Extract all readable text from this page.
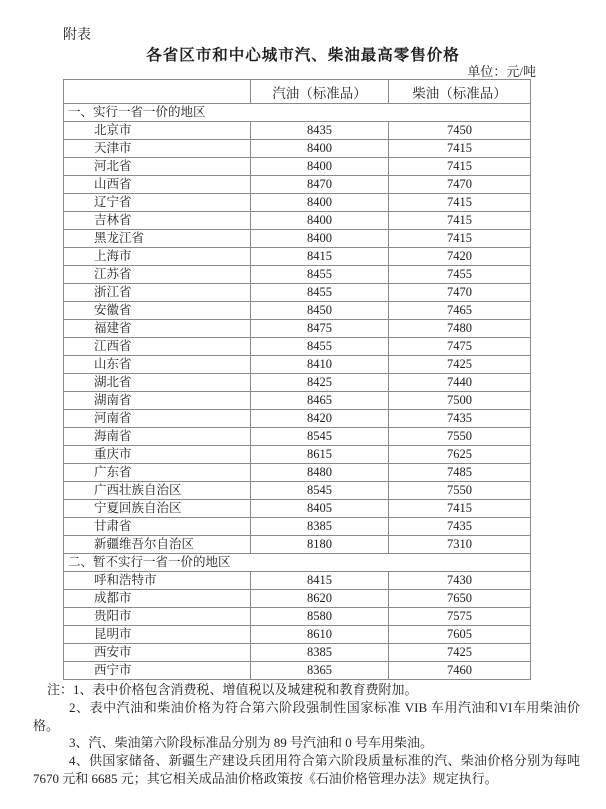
附表
各省区市和中心城市汽、柴油最高零售价格
单位：元/吨
	汽油（标准品）	柴油（标准品）
一、实行一省一价的地区		
北京市	8435	7450
天津市	8400	7415
河北省	8400	7415
山西省	8470	7470
辽宁省	8400	7415
吉林省	8400	7415
黑龙江省	8400	7415
上海市	8415	7420
江苏省	8455	7455
浙江省	8455	7470
安徽省	8450	7465
福建省	8475	7480
江西省	8455	7475
山东省	8410	7425
湖北省	8425	7440
湖南省	8465	7500
河南省	8420	7435
海南省	8545	7550
重庆市	8615	7625
广东省	8480	7485
广西壮族自治区	8545	7550
宁夏回族自治区	8405	7415
甘肃省	8385	7435
新疆维吾尔自治区	8180	7310
二、暂不实行一省一价的地区		
呼和浩特市	8415	7430
成都市	8620	7650
贵阳市	8580	7575
昆明市	8610	7605
西安市	8385	7425
西宁市	8365	7460

注：1、表中价格包含消费税、增值税以及城建税和教育费附加。

2、表中汽油和柴油价格为符合第六阶段强制性国家标准 VIB 车用汽油和VI车用柴油价格。

3、汽、柴油第六阶段标准品分别为 89 号汽油和 0 号车用柴油。

4、供国家储备、新疆生产建设兵团用符合第六阶段质量标准的汽、柴油价格分别为每吨 7670 元和 6685 元；其它相关成品油价格政策按《石油价格管理办法》规定执行。
